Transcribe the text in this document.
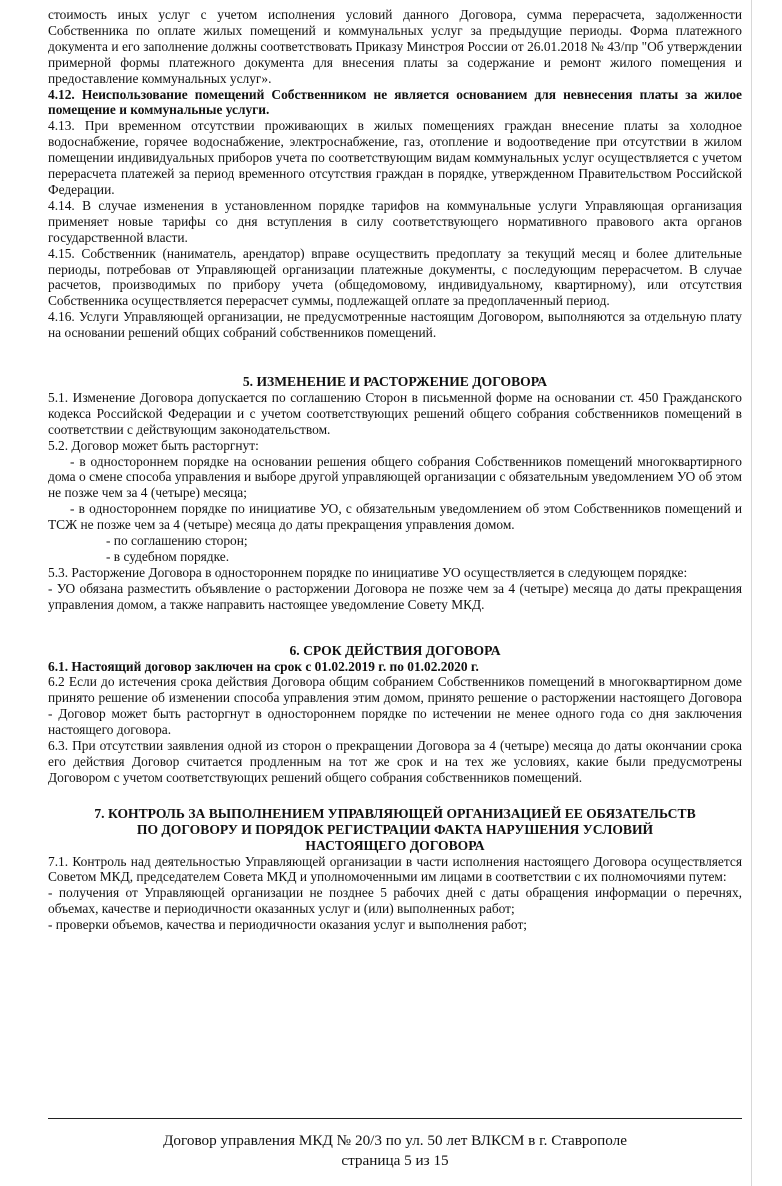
стоимость иных услуг с учетом исполнения условий данного Договора, сумма перерасчета, задолженности Собственника по оплате жилых помещений и коммунальных услуг за предыдущие периоды. Форма платежного документа и его заполнение должны соответствовать Приказу Минстроя России от 26.01.2018 № 43/пр "Об утверждении примерной формы платежного документа для внесения платы за содержание и ремонт жилого помещения и предоставление коммунальных услуг».

4.12. Неиспользование помещений Собственником не является основанием для невнесения платы за жилое помещение и коммунальные услуги.

4.13. При временном отсутствии проживающих в жилых помещениях граждан внесение платы за холодное водоснабжение, горячее водоснабжение, электроснабжение, газ, отопление и водоотведение при отсутствии в жилом помещении индивидуальных приборов учета по соответствующим видам коммунальных услуг осуществляется с учетом перерасчета платежей за период временного отсутствия граждан в порядке, утвержденном Правительством Российской Федерации.

4.14. В случае изменения в установленном порядке тарифов на коммунальные услуги Управляющая организация применяет новые тарифы со дня вступления в силу соответствующего нормативного правового акта органов государственной власти.

4.15. Собственник (наниматель, арендатор) вправе осуществить предоплату за текущий месяц и более длительные периоды, потребовав от Управляющей организации платежные документы, с последующим перерасчетом. В случае расчетов, производимых по прибору учета (общедомовому, индивидуальному, квартирному), или отсутствия Собственника осуществляется перерасчет суммы, подлежащей оплате за предоплаченный период.

4.16. Услуги Управляющей организации, не предусмотренные настоящим Договором, выполняются за отдельную плату на основании решений общих собраний собственников помещений.

5. ИЗМЕНЕНИЕ И РАСТОРЖЕНИЕ ДОГОВОРА

5.1. Изменение Договора допускается по соглашению Сторон в письменной форме на основании ст. 450 Гражданского кодекса Российской Федерации и с учетом соответствующих решений общего собрания собственников помещений в соответствии с действующим законодательством.

5.2. Договор может быть расторгнут:

- в одностороннем порядке на основании решения общего собрания Собственников помещений многоквартирного дома о смене способа управления и выборе другой управляющей организации с обязательным уведомлением УО об этом не позже чем за 4 (четыре) месяца;

- в одностороннем порядке по инициативе УО, с обязательным уведомлением об этом Собственников помещений и ТСЖ не позже чем за 4 (четыре) месяца до даты прекращения управления домом.

- по соглашению сторон;

- в судебном порядке.

5.3. Расторжение Договора в одностороннем порядке по инициативе УО осуществляется в следующем порядке:

- УО обязана разместить объявление о расторжении Договора не позже чем за 4 (четыре) месяца до даты прекращения управления домом, а также направить настоящее уведомление Совету МКД.

6. СРОК ДЕЙСТВИЯ ДОГОВОРА

6.1. Настоящий договор заключен на срок с 01.02.2019 г. по 01.02.2020 г.

6.2 Если до истечения срока действия Договора общим собранием Собственников помещений в многоквартирном доме принято решение об изменении способа управления этим домом, принято решение о расторжении настоящего Договора - Договор может быть расторгнут в одностороннем порядке по истечении не менее одного года со дня заключения настоящего договора.

6.3. При отсутствии заявления одной из сторон о прекращении Договора за 4 (четыре) месяца до даты окончании срока его действия Договор считается продленным на тот же срок и на тех же условиях, какие были предусмотрены Договором с учетом соответствующих решений общего собрания собственников помещений.

7. КОНТРОЛЬ ЗА ВЫПОЛНЕНИЕМ УПРАВЛЯЮЩЕЙ ОРГАНИЗАЦИЕЙ ЕЕ ОБЯЗАТЕЛЬСТВ
ПО ДОГОВОРУ И ПОРЯДОК РЕГИСТРАЦИИ ФАКТА НАРУШЕНИЯ УСЛОВИЙ
НАСТОЯЩЕГО ДОГОВОРА

7.1. Контроль над деятельностью Управляющей организации в части исполнения настоящего Договора осуществляется Советом МКД, председателем Совета МКД и уполномоченными им лицами в соответствии с их полномочиями путем:

- получения от Управляющей организации не позднее 5 рабочих дней с даты обращения информации о перечнях, объемах, качестве и периодичности оказанных услуг и (или) выполненных работ;

- проверки объемов, качества и периодичности оказания услуг и выполнения работ;

Договор управления МКД № 20/3 по ул. 50 лет ВЛКСМ в г. Ставрополе
страница 5 из 15
